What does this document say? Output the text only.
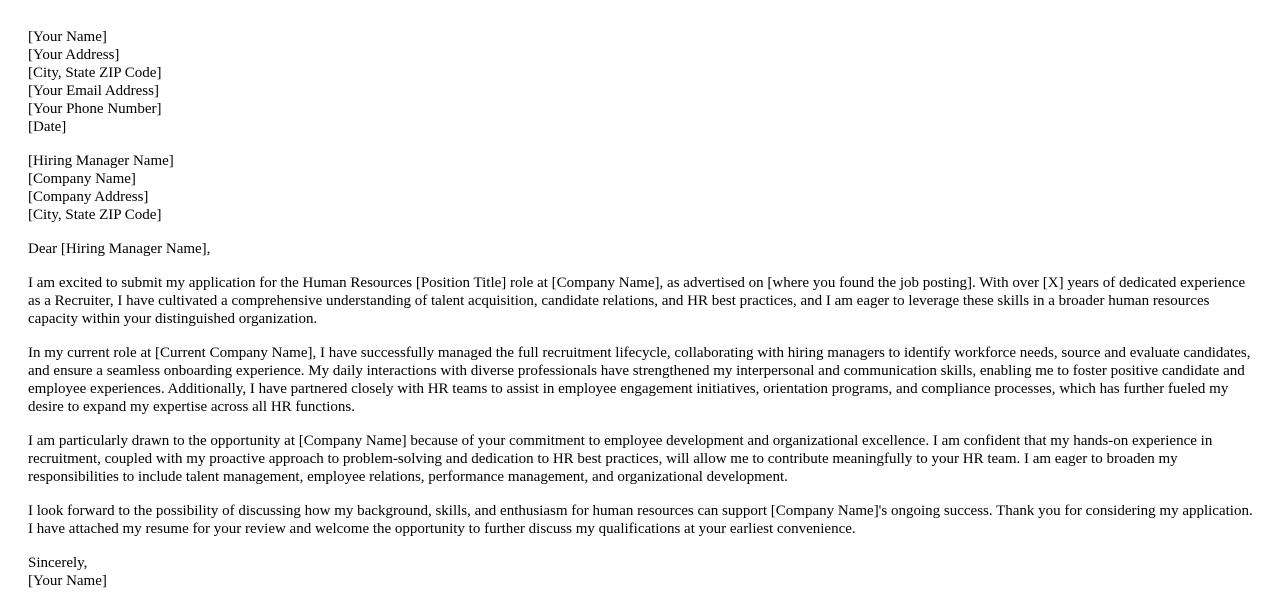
[Your Name]
[Your Address]
[City, State ZIP Code]
[Your Email Address]
[Your Phone Number]
[Date]
[Hiring Manager Name]
[Company Name]
[Company Address]
[City, State ZIP Code]

Dear [Hiring Manager Name],

I am excited to submit my application for the Human Resources [Position Title] role at [Company Name], as advertised on [where you found the job posting]. With over [X] years of dedicated experience as a Recruiter, I have cultivated a comprehensive understanding of talent acquisition, candidate relations, and HR best practices, and I am eager to leverage these skills in a broader human resources capacity within your distinguished organization.

In my current role at [Current Company Name], I have successfully managed the full recruitment lifecycle, collaborating with hiring managers to identify workforce needs, source and evaluate candidates, and ensure a seamless onboarding experience. My daily interactions with diverse professionals have strengthened my interpersonal and communication skills, enabling me to foster positive candidate and employee experiences. Additionally, I have partnered closely with HR teams to assist in employee engagement initiatives, orientation programs, and compliance processes, which has further fueled my desire to expand my expertise across all HR functions.

I am particularly drawn to the opportunity at [Company Name] because of your commitment to employee development and organizational excellence. I am confident that my hands-on experience in recruitment, coupled with my proactive approach to problem-solving and dedication to HR best practices, will allow me to contribute meaningfully to your HR team. I am eager to broaden my responsibilities to include talent management, employee relations, performance management, and organizational development.

I look forward to the possibility of discussing how my background, skills, and enthusiasm for human resources can support [Company Name]'s ongoing success. Thank you for considering my application. I have attached my resume for your review and welcome the opportunity to further discuss my qualifications at your earliest convenience.

Sincerely,
[Your Name]
